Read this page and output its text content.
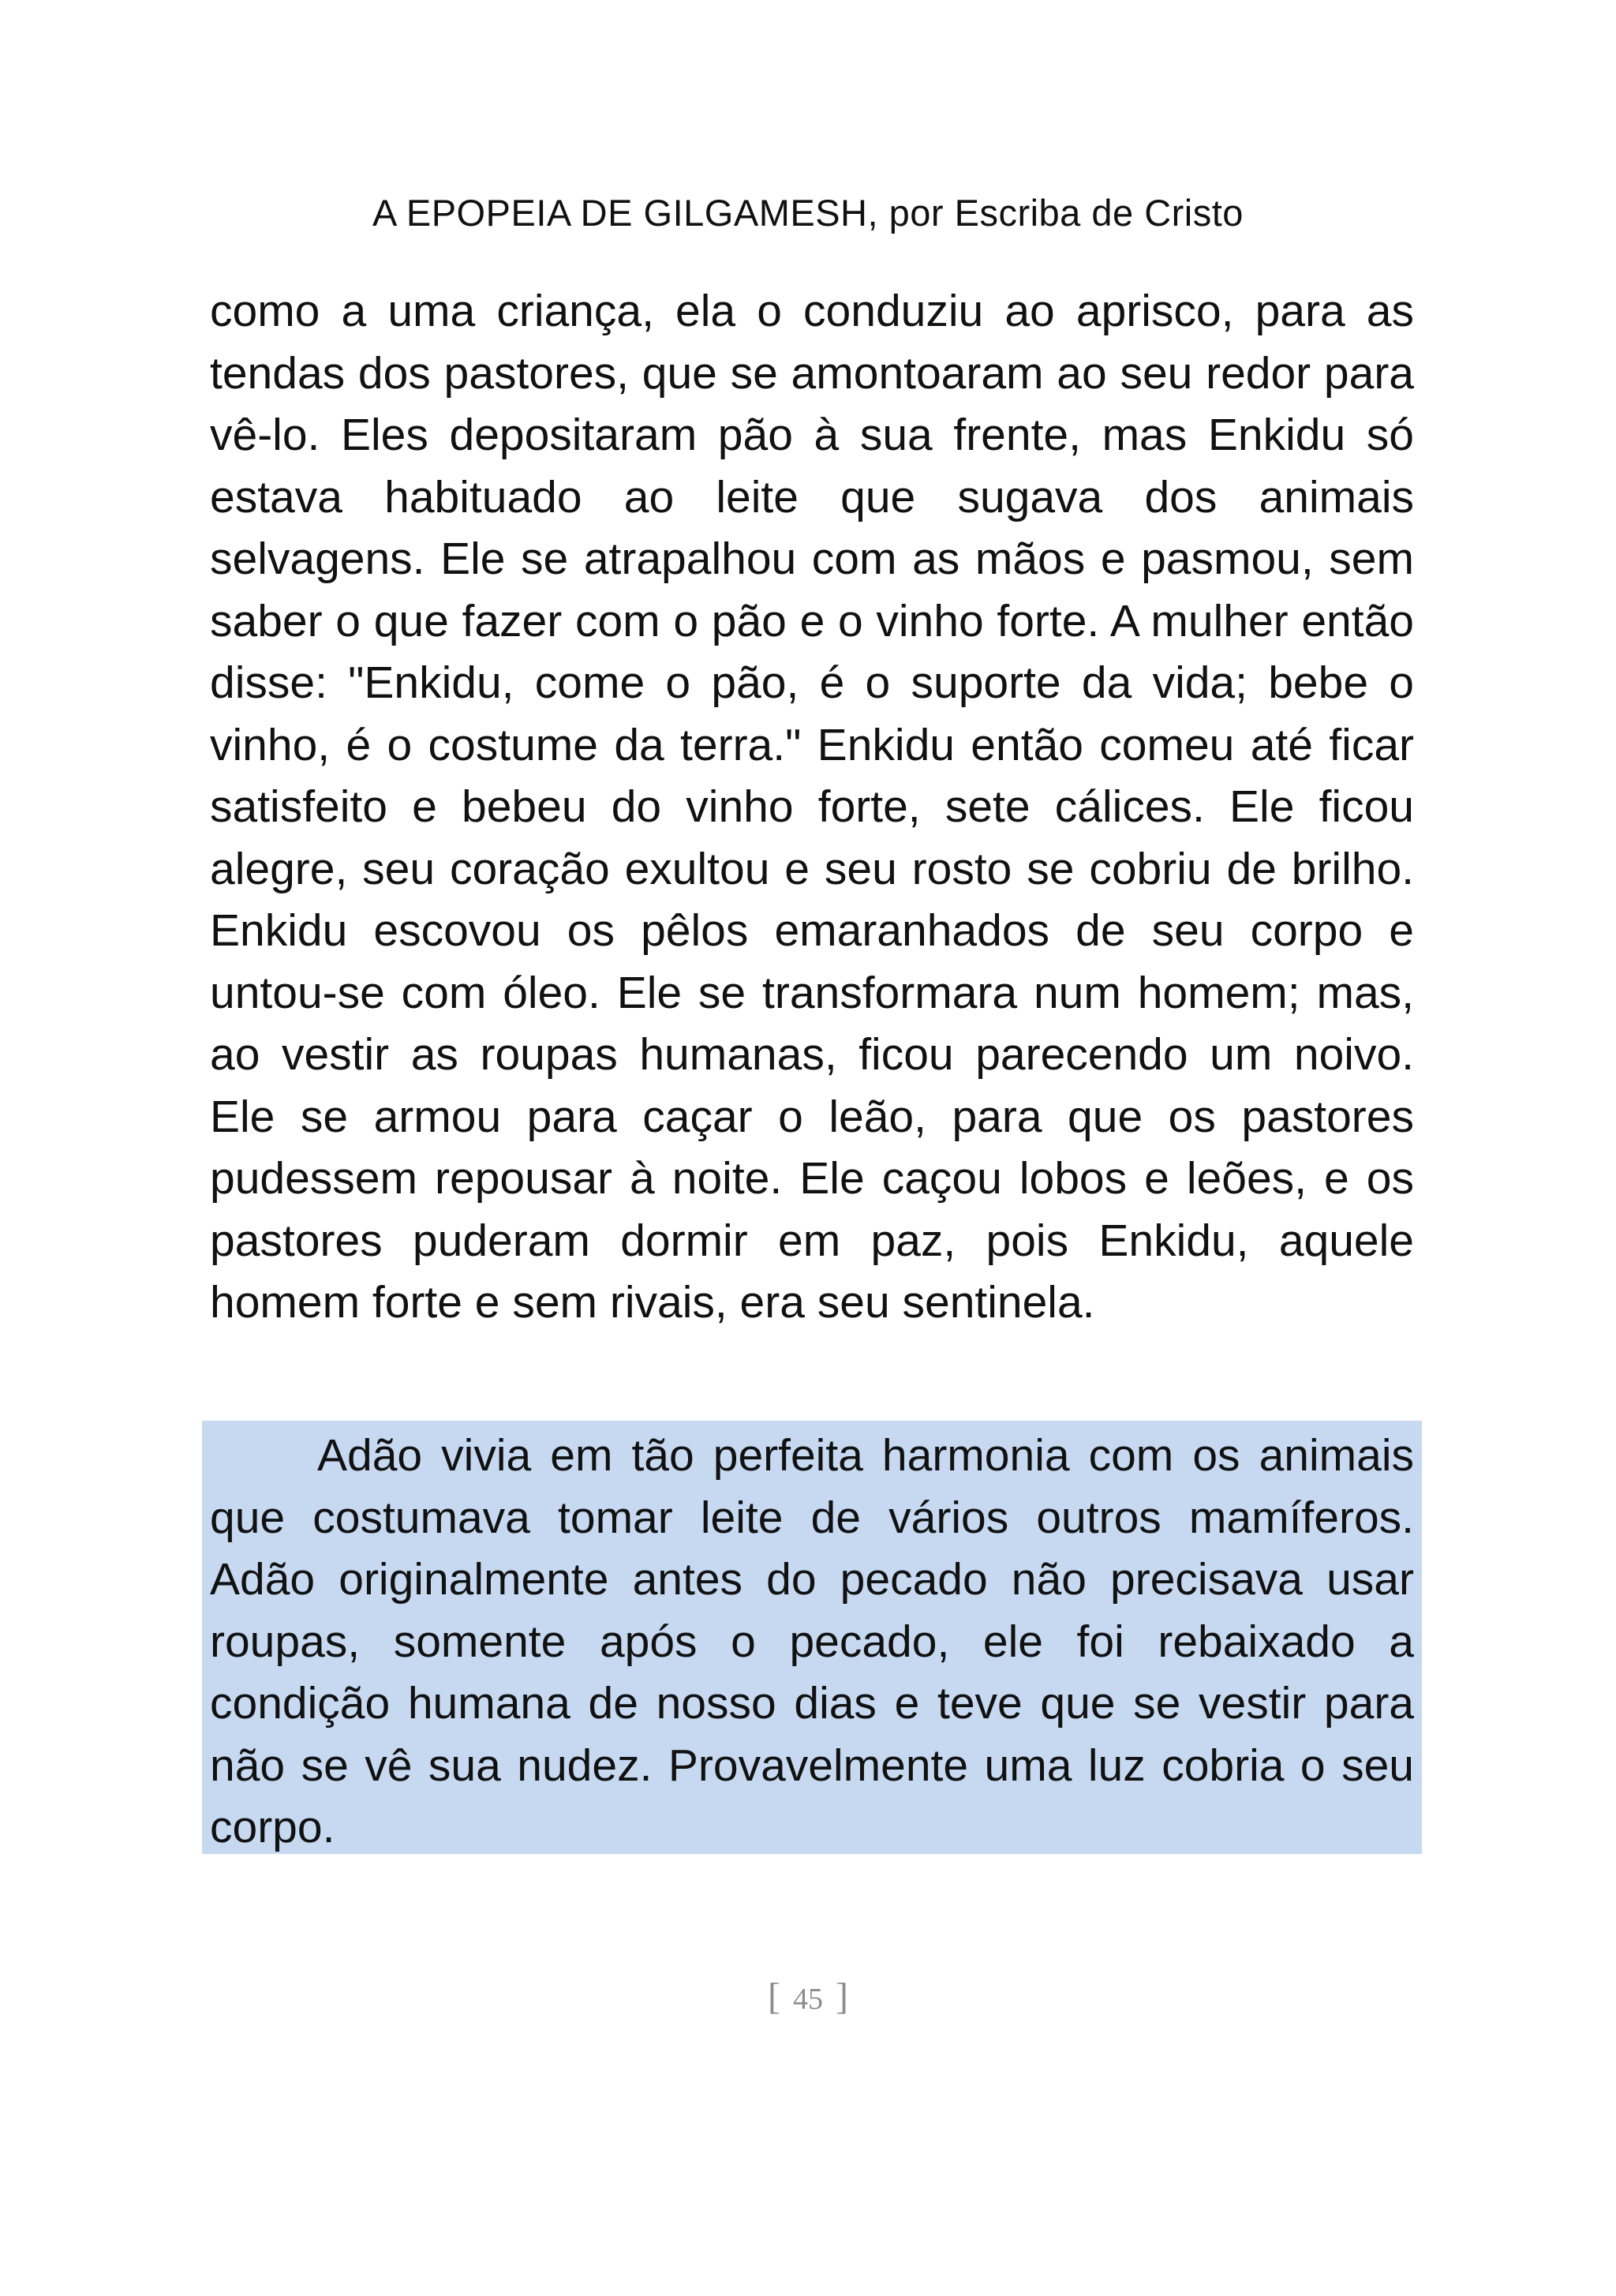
A EPOPEIA DE GILGAMESH, por Escriba de Cristo

como a uma criança, ela o conduziu ao aprisco, para as tendas dos pastores, que se amontoaram ao seu redor para vê-lo. Eles depositaram pão à sua frente, mas Enkidu só estava habituado ao leite que sugava dos animais selvagens. Ele se atrapalhou com as mãos e pasmou, sem saber o que fazer com o pão e o vinho forte. A mulher então disse: "Enkidu, come o pão, é o suporte da vida; bebe o vinho, é o costume da terra." Enkidu então comeu até ficar satisfeito e bebeu do vinho forte, sete cálices. Ele ficou alegre, seu coração exultou e seu rosto se cobriu de brilho. Enkidu escovou os pêlos emaranhados de seu corpo e untou-se com óleo. Ele se transformara num homem; mas, ao vestir as roupas humanas, ficou parecendo um noivo. Ele se armou para caçar o leão, para que os pastores pudessem repousar à noite. Ele caçou lobos e leões, e os pastores puderam dormir em paz, pois Enkidu, aquele homem forte e sem rivais, era seu sentinela.

Adão vivia em tão perfeita harmonia com os animais que costumava tomar leite de vários outros mamíferos. Adão originalmente antes do pecado não precisava usar roupas, somente após o pecado, ele foi rebaixado a condição humana de nosso dias e teve que se vestir para não se vê sua nudez. Provavelmente uma luz cobria o seu corpo.

[ 45 ]
